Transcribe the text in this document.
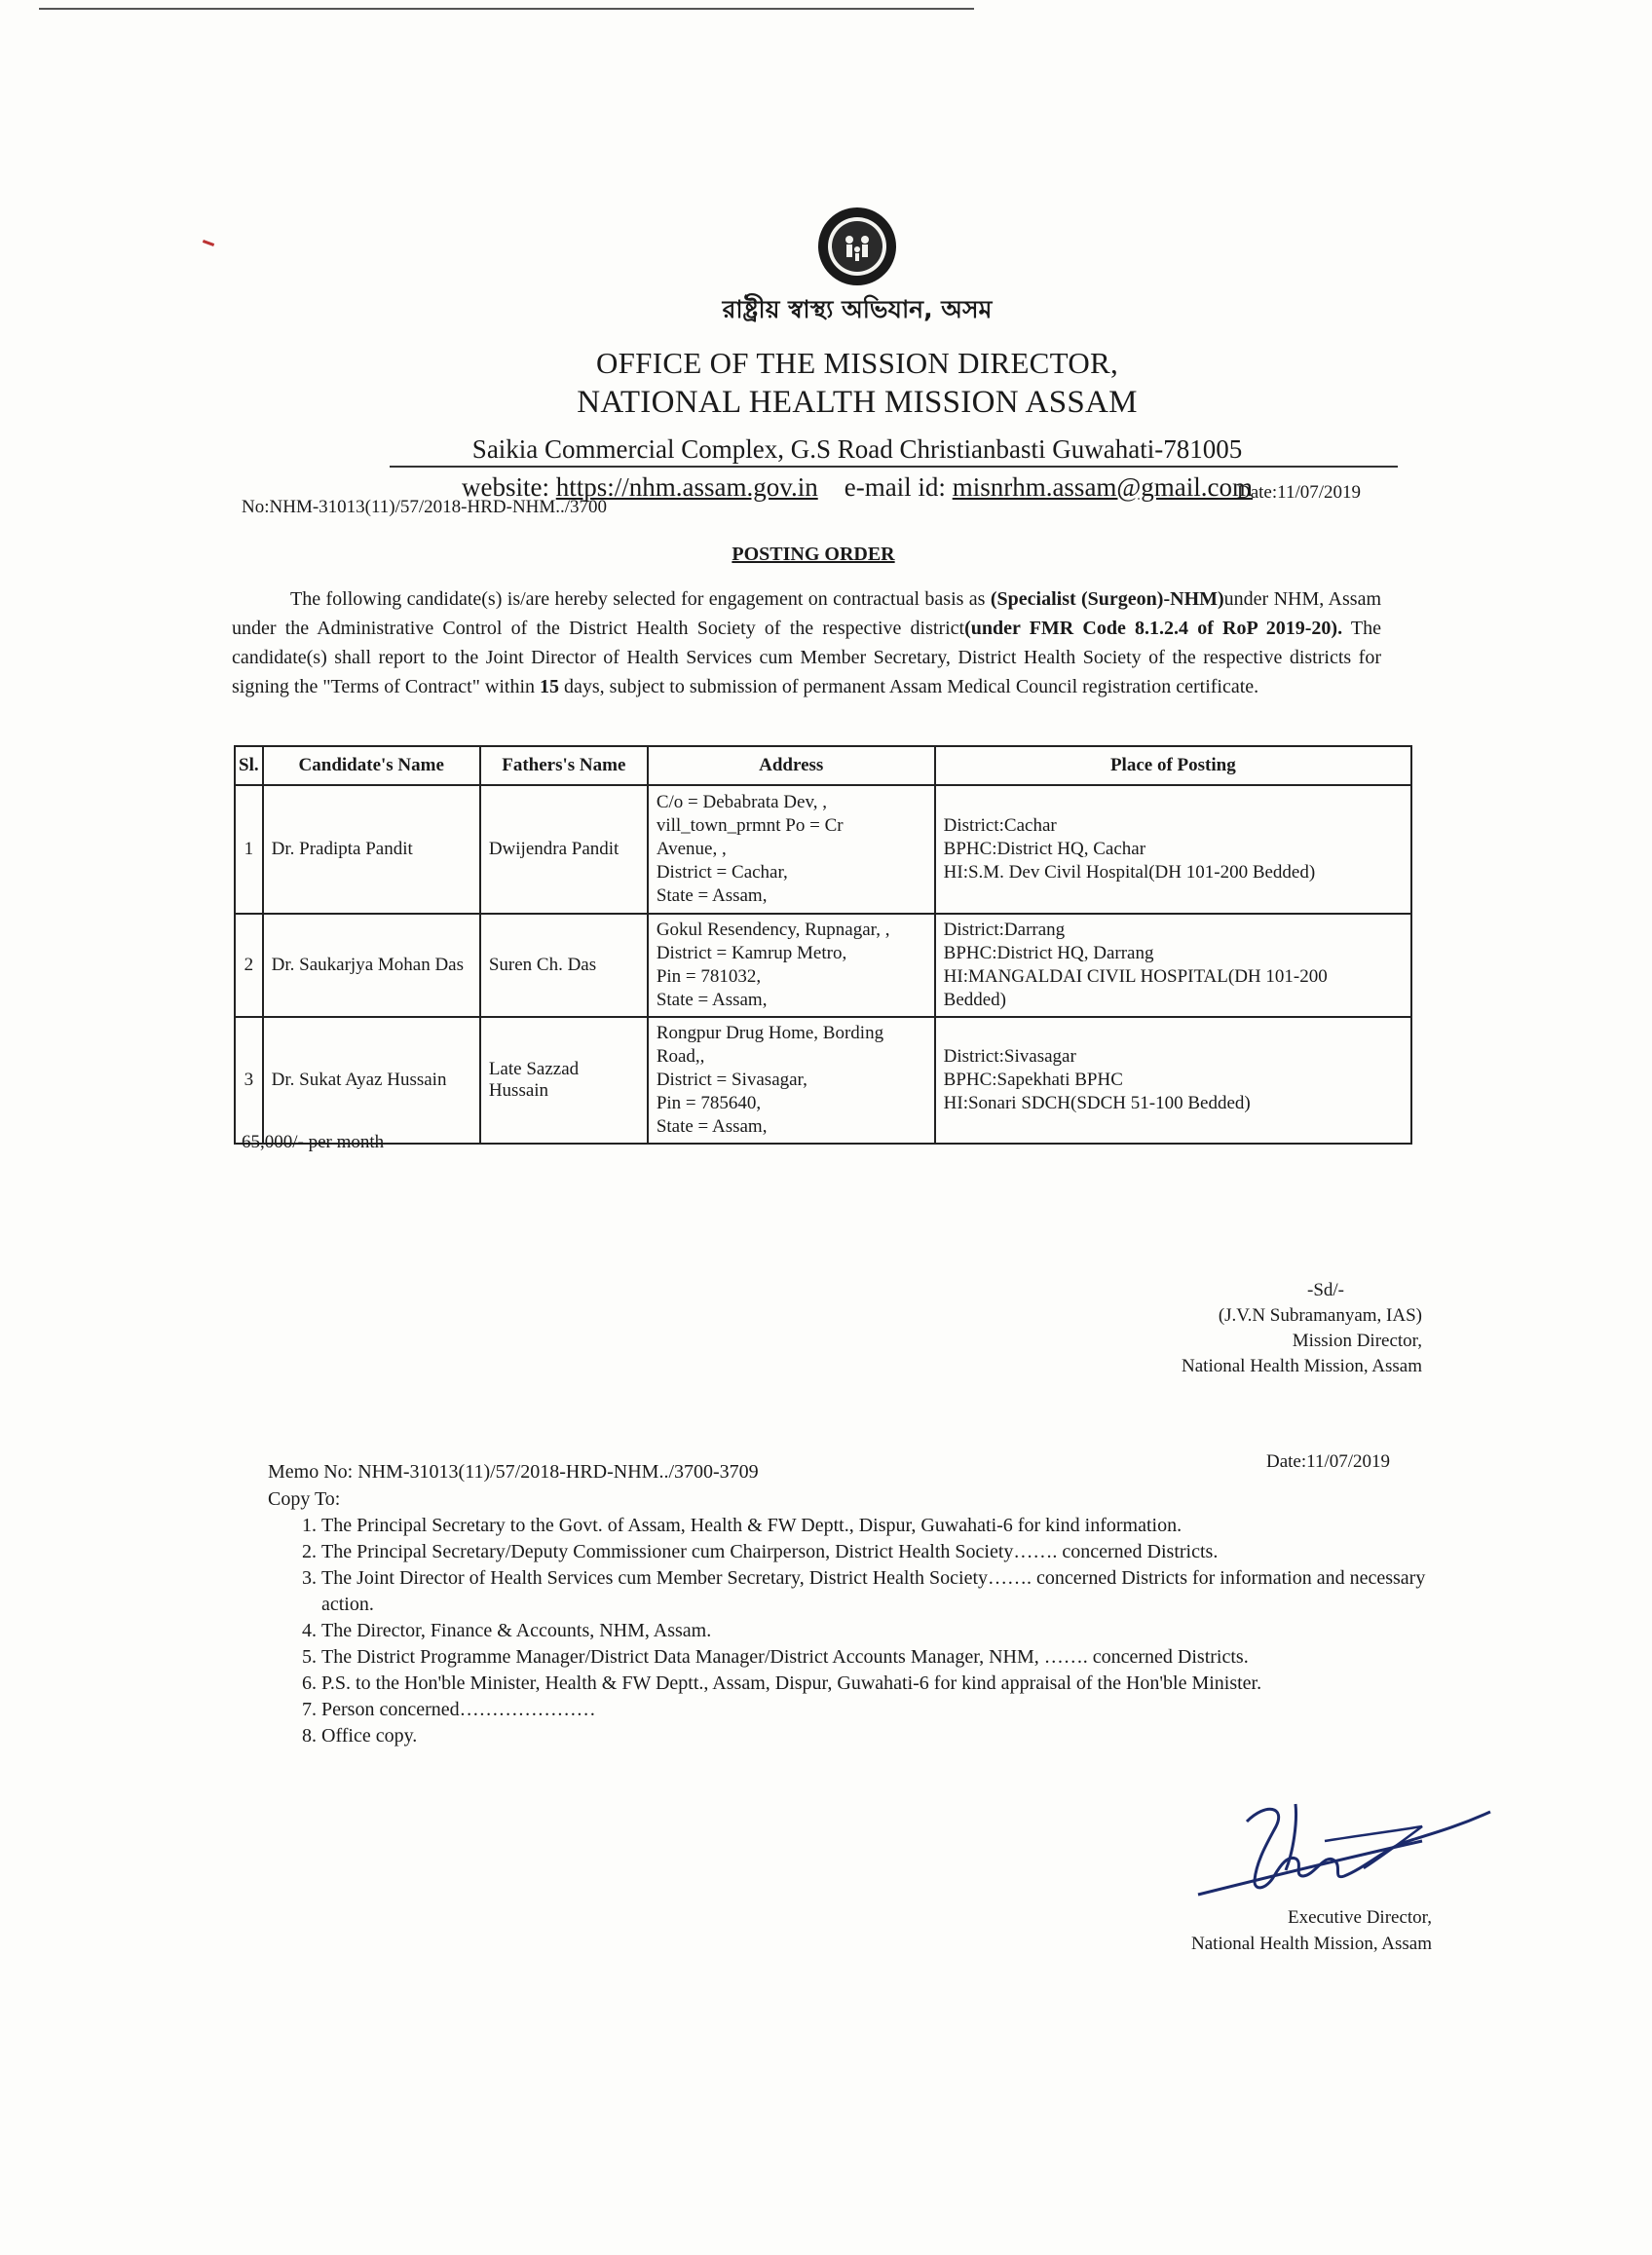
রাষ্ট্রীয় স্বাস্থ্য অভিযান, অসম
OFFICE OF THE MISSION DIRECTOR,
NATIONAL HEALTH MISSION ASSAM
Saikia Commercial Complex, G.S Road Christianbasti Guwahati-781005
website: https://nhm.assam.gov.in e-mail id: misnrhm.assam@gmail.com
No:NHM-31013(11)/57/2018-HRD-NHM../3700
Date:11/07/2019
POSTING ORDER
The following candidate(s) is/are hereby selected for engagement on contractual basis as (Specialist (Surgeon)-NHM)under NHM, Assam under the Administrative Control of the District Health Society of the respective district(under FMR Code 8.1.2.4 of RoP 2019-20). The candidate(s) shall report to the Joint Director of Health Services cum Member Secretary, District Health Society of the respective districts for signing the "Terms of Contract" within 15 days, subject to submission of permanent Assam Medical Council registration certificate.
Sl.	Candidate's Name	Fathers's Name	Address	Place of Posting
1	Dr. Pradipta Pandit	Dwijendra Pandit	C/o = Debabrata Dev, ,
vill_town_prmnt Po = Cr
Avenue, ,
District = Cachar,
State = Assam,	District:Cachar
BPHC:District HQ, Cachar
HI:S.M. Dev Civil Hospital(DH 101-200 Bedded)

2	Dr. Saukarjya Mohan Das	Suren Ch. Das	Gokul Resendency, Rupnagar, ,
District = Kamrup Metro,
Pin = 781032,
State = Assam,	District:Darrang
BPHC:District HQ, Darrang
HI:MANGALDAI CIVIL HOSPITAL(DH 101-200
Bedded)

3	Dr. Sukat Ayaz Hussain	Late Sazzad Hussain	Rongpur Drug Home, Bording
Road,,
District = Sivasagar,
Pin = 785640,
State = Assam,	District:Sivasagar
BPHC:Sapekhati BPHC
HI:Sonari SDCH(SDCH 51-100 Bedded)
65,000/- per month
-Sd/-
(J.V.N Subramanyam, IAS)
Mission Director,
National Health Mission, Assam
Memo No: NHM-31013(11)/57/2018-HRD-NHM../3700-3709	Date:11/07/2019
Copy To:
1. The Principal Secretary to the Govt. of Assam, Health & FW Deptt., Dispur, Guwahati-6 for kind information.
2. The Principal Secretary/Deputy Commissioner cum Chairperson, District Health Society……. concerned Districts.
3. The Joint Director of Health Services cum Member Secretary, District Health Society……. concerned Districts for information and necessary action.
4. The Director, Finance & Accounts, NHM, Assam.
5. The District Programme Manager/District Data Manager/District Accounts Manager, NHM, ……. concerned Districts.
6. P.S. to the Hon'ble Minister, Health & FW Deptt., Assam, Dispur, Guwahati-6 for kind appraisal of the Hon'ble Minister.
7. Person concerned…………………
8. Office copy.
Executive Director,
National Health Mission, Assam
